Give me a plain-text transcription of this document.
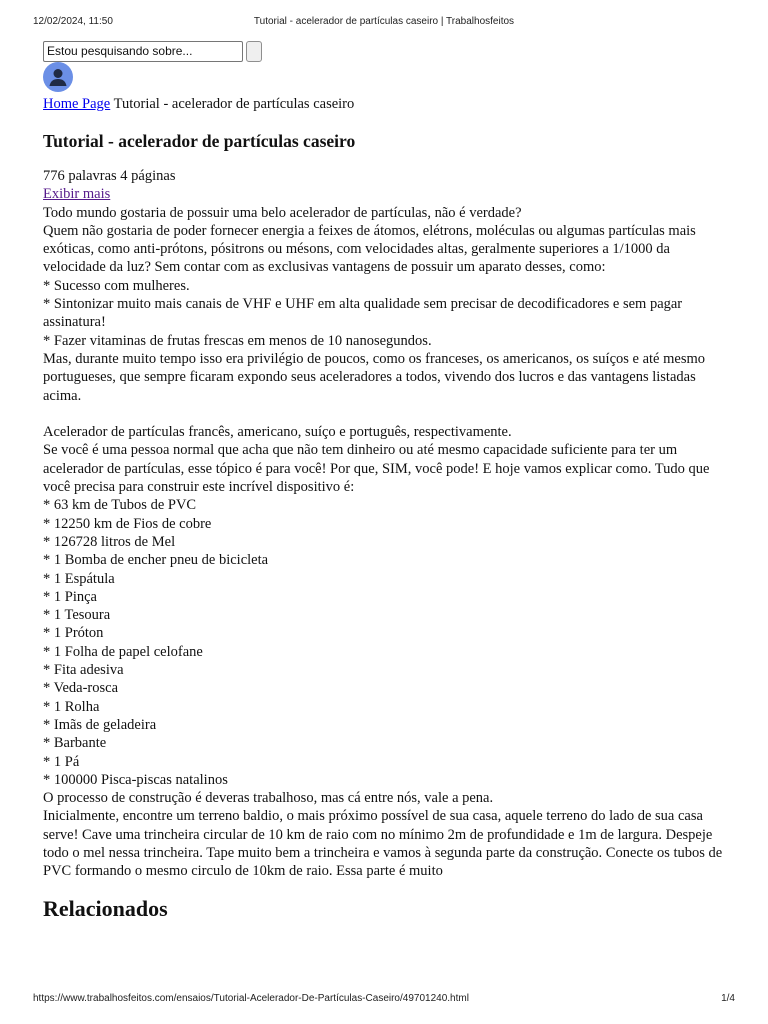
12/02/2024, 11:50	Tutorial - acelerador de partículas caseiro | Trabalhosfeitos
Estou pesquisando sobre...
Home Page Tutorial - acelerador de partículas caseiro
Tutorial - acelerador de partículas caseiro
776 palavras 4 páginas
Exibir mais

Todo mundo gostaria de possuir uma belo acelerador de partículas, não é verdade?

Quem não gostaria de poder fornecer energia a feixes de átomos, elétrons, moléculas ou algumas partículas mais exóticas, como anti-prótons, pósitrons ou mésons, com velocidades altas, geralmente superiores a 1/1000 da velocidade da luz? Sem contar com as exclusivas vantagens de possuir um aparato desses, como:

* Sucesso com mulheres.

* Sintonizar muito mais canais de VHF e UHF em alta qualidade sem precisar de decodificadores e sem pagar assinatura!

* Fazer vitaminas de frutas frescas em menos de 10 nanosegundos.

Mas, durante muito tempo isso era privilégio de poucos, como os franceses, os americanos, os suíços e até mesmo portugueses, que sempre ficaram expondo seus aceleradores a todos, vivendo dos lucros e das vantagens listadas acima.

Acelerador de partículas francês, americano, suíço e português, respectivamente.

Se você é uma pessoa normal que acha que não tem dinheiro ou até mesmo capacidade suficiente para ter um acelerador de partículas, esse tópico é para você! Por que, SIM, você pode! E hoje vamos explicar como. Tudo que você precisa para construir este incrível dispositivo é:

* 63 km de Tubos de PVC

* 12250 km de Fios de cobre

* 126728 litros de Mel

* 1 Bomba de encher pneu de bicicleta

* 1 Espátula

* 1 Pinça

* 1 Tesoura

* 1 Próton

* 1 Folha de papel celofane

* Fita adesiva

* Veda-rosca

* 1 Rolha

* Imãs de geladeira

* Barbante

* 1 Pá

* 100000 Pisca-piscas natalinos

O processo de construção é deveras trabalhoso, mas cá entre nós, vale a pena.

Inicialmente, encontre um terreno baldio, o mais próximo possível de sua casa, aquele terreno do lado de sua casa serve! Cave uma trincheira circular de 10 km de raio com no mínimo 2m de profundidade e 1m de largura. Despeje todo o mel nessa trincheira. Tape muito bem a trincheira e vamos à segunda parte da construção. Conecte os tubos de PVC formando o mesmo circulo de 10km de raio. Essa parte é muito

Relacionados
https://www.trabalhosfeitos.com/ensaios/Tutorial-Acelerador-De-Partículas-Caseiro/49701240.html	1/4
